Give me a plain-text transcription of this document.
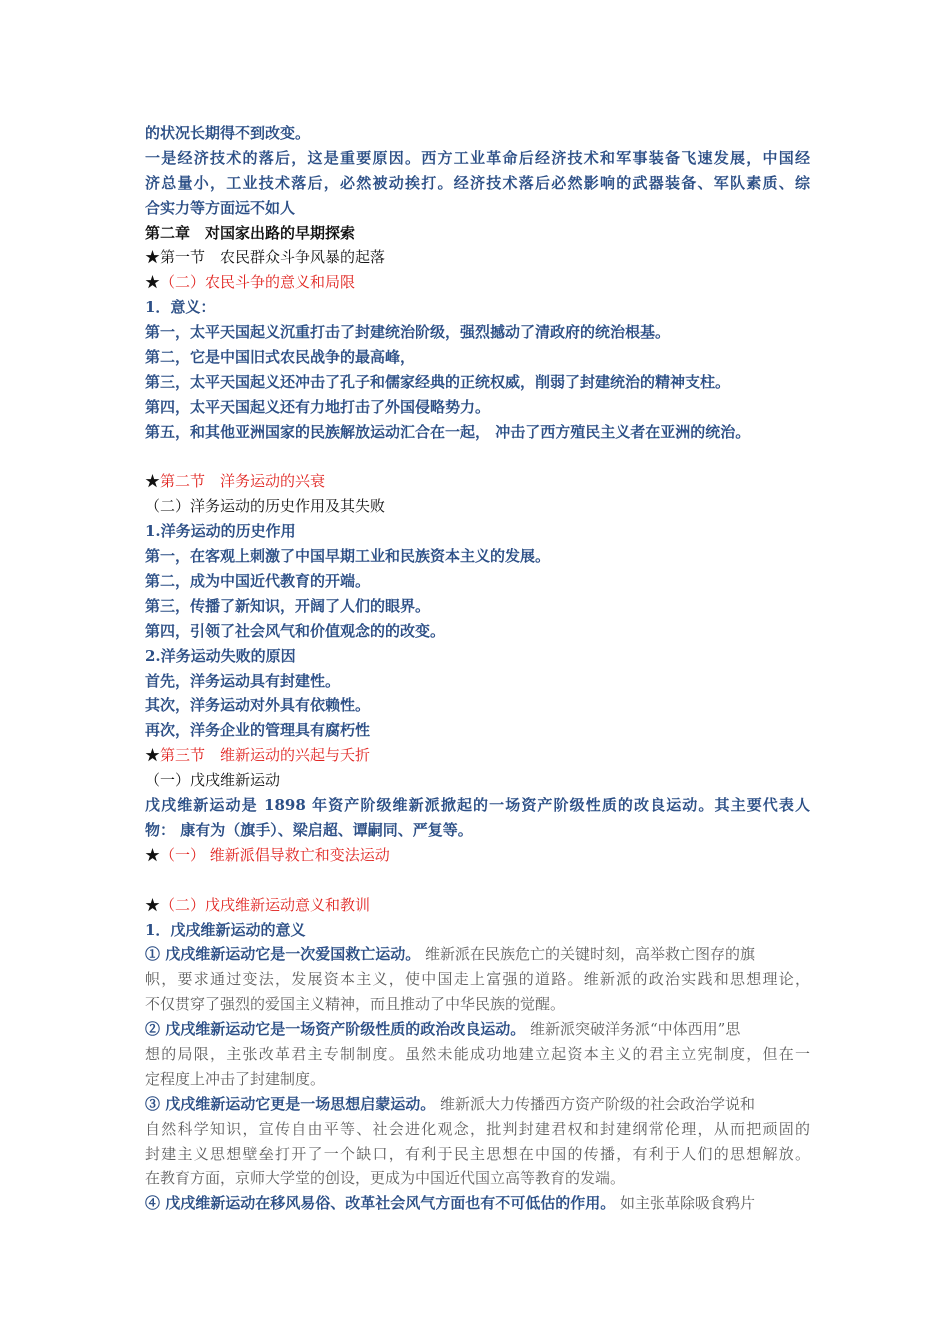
的状况长期得不到改变。
一是经济技术的落后，这是重要原因。西方工业革命后经济技术和军事装备飞速发展，中国经
济总量小，工业技术落后，必然被动挨打。经济技术落后必然影响的武器装备、军队素质、综
合实力等方面远不如人
第二章　对国家出路的早期探索
★第一节　农民群众斗争风暴的起落
★（二）农民斗争的意义和局限
1．意义：
第一，太平天国起义沉重打击了封建统治阶级，强烈撼动了清政府的统治根基。
第二，它是中国旧式农民战争的最高峰，
第三，太平天国起义还冲击了孔子和儒家经典的正统权威，削弱了封建统治的精神支柱。
第四，太平天国起义还有力地打击了外国侵略势力。
第五，和其他亚洲国家的民族解放运动汇合在一起， 冲击了西方殖民主义者在亚洲的统治。
★第二节　洋务运动的兴衰
（二）洋务运动的历史作用及其失败
1.洋务运动的历史作用
第一，在客观上刺激了中国早期工业和民族资本主义的发展。
第二，成为中国近代教育的开端。
第三，传播了新知识，开阔了人们的眼界。
第四，引领了社会风气和价值观念的的改变。
2.洋务运动失败的原因
首先，洋务运动具有封建性。
其次，洋务运动对外具有依赖性。
再次，洋务企业的管理具有腐朽性
★第三节　维新运动的兴起与夭折
（一）戊戌维新运动
戊戌维新运动是 1898 年资产阶级维新派掀起的一场资产阶级性质的改良运动。其主要代表人
物： 康有为（旗手）、梁启超、谭嗣同、严复等。
★（一） 维新派倡导救亡和变法运动
★（二）戊戌维新运动意义和教训
1．戊戌维新运动的意义
① 戊戌维新运动它是一次爱国救亡运动。 维新派在民族危亡的关键时刻，高举救亡图存的旗
帜，要求通过变法，发展资本主义，使中国走上富强的道路。维新派的政治实践和思想理论，
不仅贯穿了强烈的爱国主义精神，而且推动了中华民族的觉醒。
② 戊戌维新运动它是一场资产阶级性质的政治改良运动。 维新派突破洋务派“中体西用”思
想的局限，主张改革君主专制制度。虽然未能成功地建立起资本主义的君主立宪制度，但在一
定程度上冲击了封建制度。
③ 戊戌维新运动它更是一场思想启蒙运动。 维新派大力传播西方资产阶级的社会政治学说和
自然科学知识，宣传自由平等、社会进化观念，批判封建君权和封建纲常伦理，从而把顽固的
封建主义思想壁垒打开了一个缺口，有利于民主思想在中国的传播，有利于人们的思想解放。
在教育方面，京师大学堂的创设，更成为中国近代国立高等教育的发端。
④ 戊戌维新运动在移风易俗、改革社会风气方面也有不可低估的作用。 如主张革除吸食鸦片
